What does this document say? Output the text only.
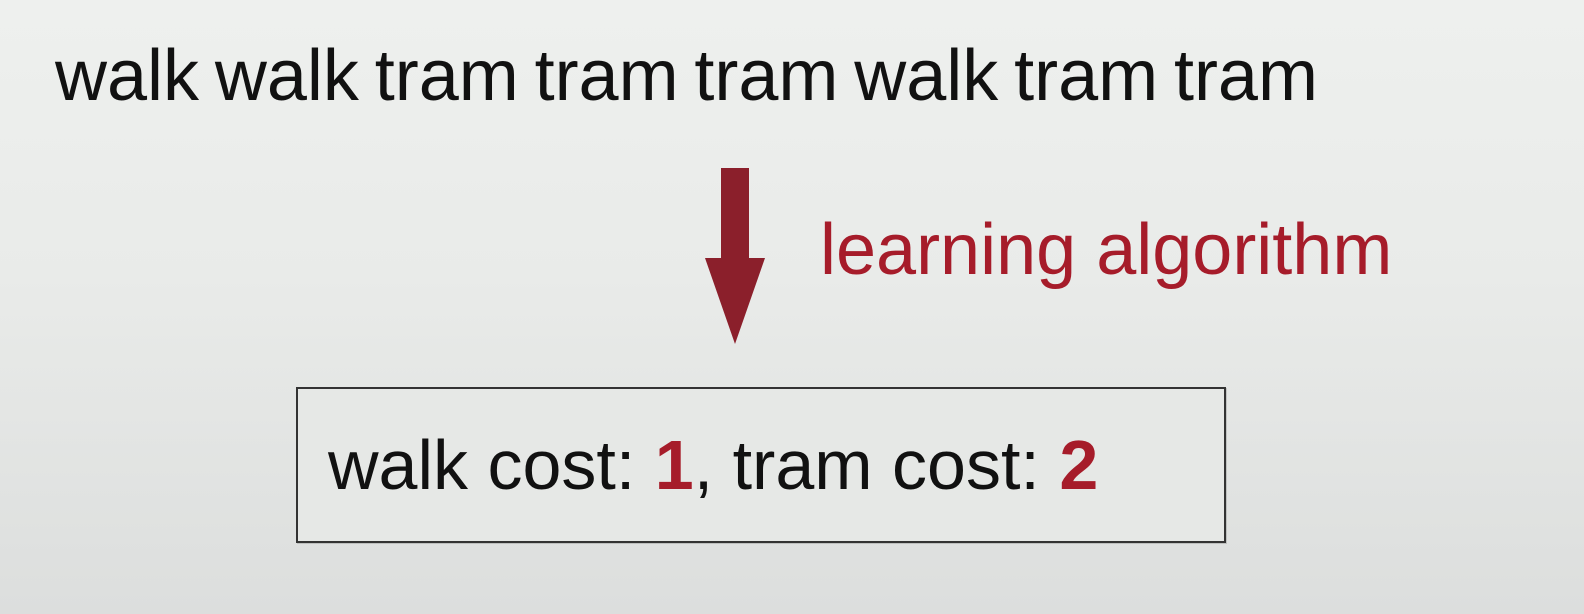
walk walk tram tram tram walk tram tram
learning algorithm
walk cost: 1, tram cost: 2
